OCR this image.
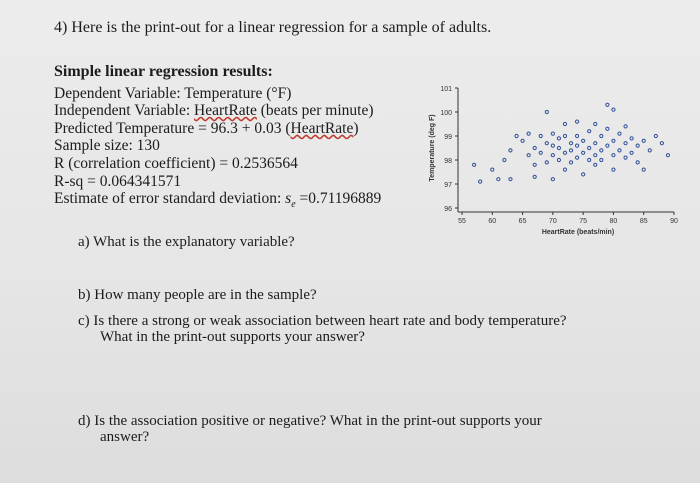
4) Here is the print-out for a linear regression for a sample of adults.
Simple linear regression results:
Dependent Variable: Temperature (°F)
Independent Variable: HeartRate (beats per minute)
Predicted Temperature = 96.3 + 0.03 (HeartRate)
Sample size: 130
R (correlation coefficient) = 0.2536564
R-sq = 0.064341571
Estimate of error standard deviation: $s_e =0.71196889$
96
97
98
99
100
101
55	60	65	70	75	80	85	90
HeartRate (beats/min)
Temperature (deg F)
a) What is the explanatory variable?
b) How many people are in the sample?
c) Is there a strong or weak association between heart rate and body temperature?
What in the print-out supports your answer?
d) Is the association positive or negative? What in the print-out supports your
answer?
